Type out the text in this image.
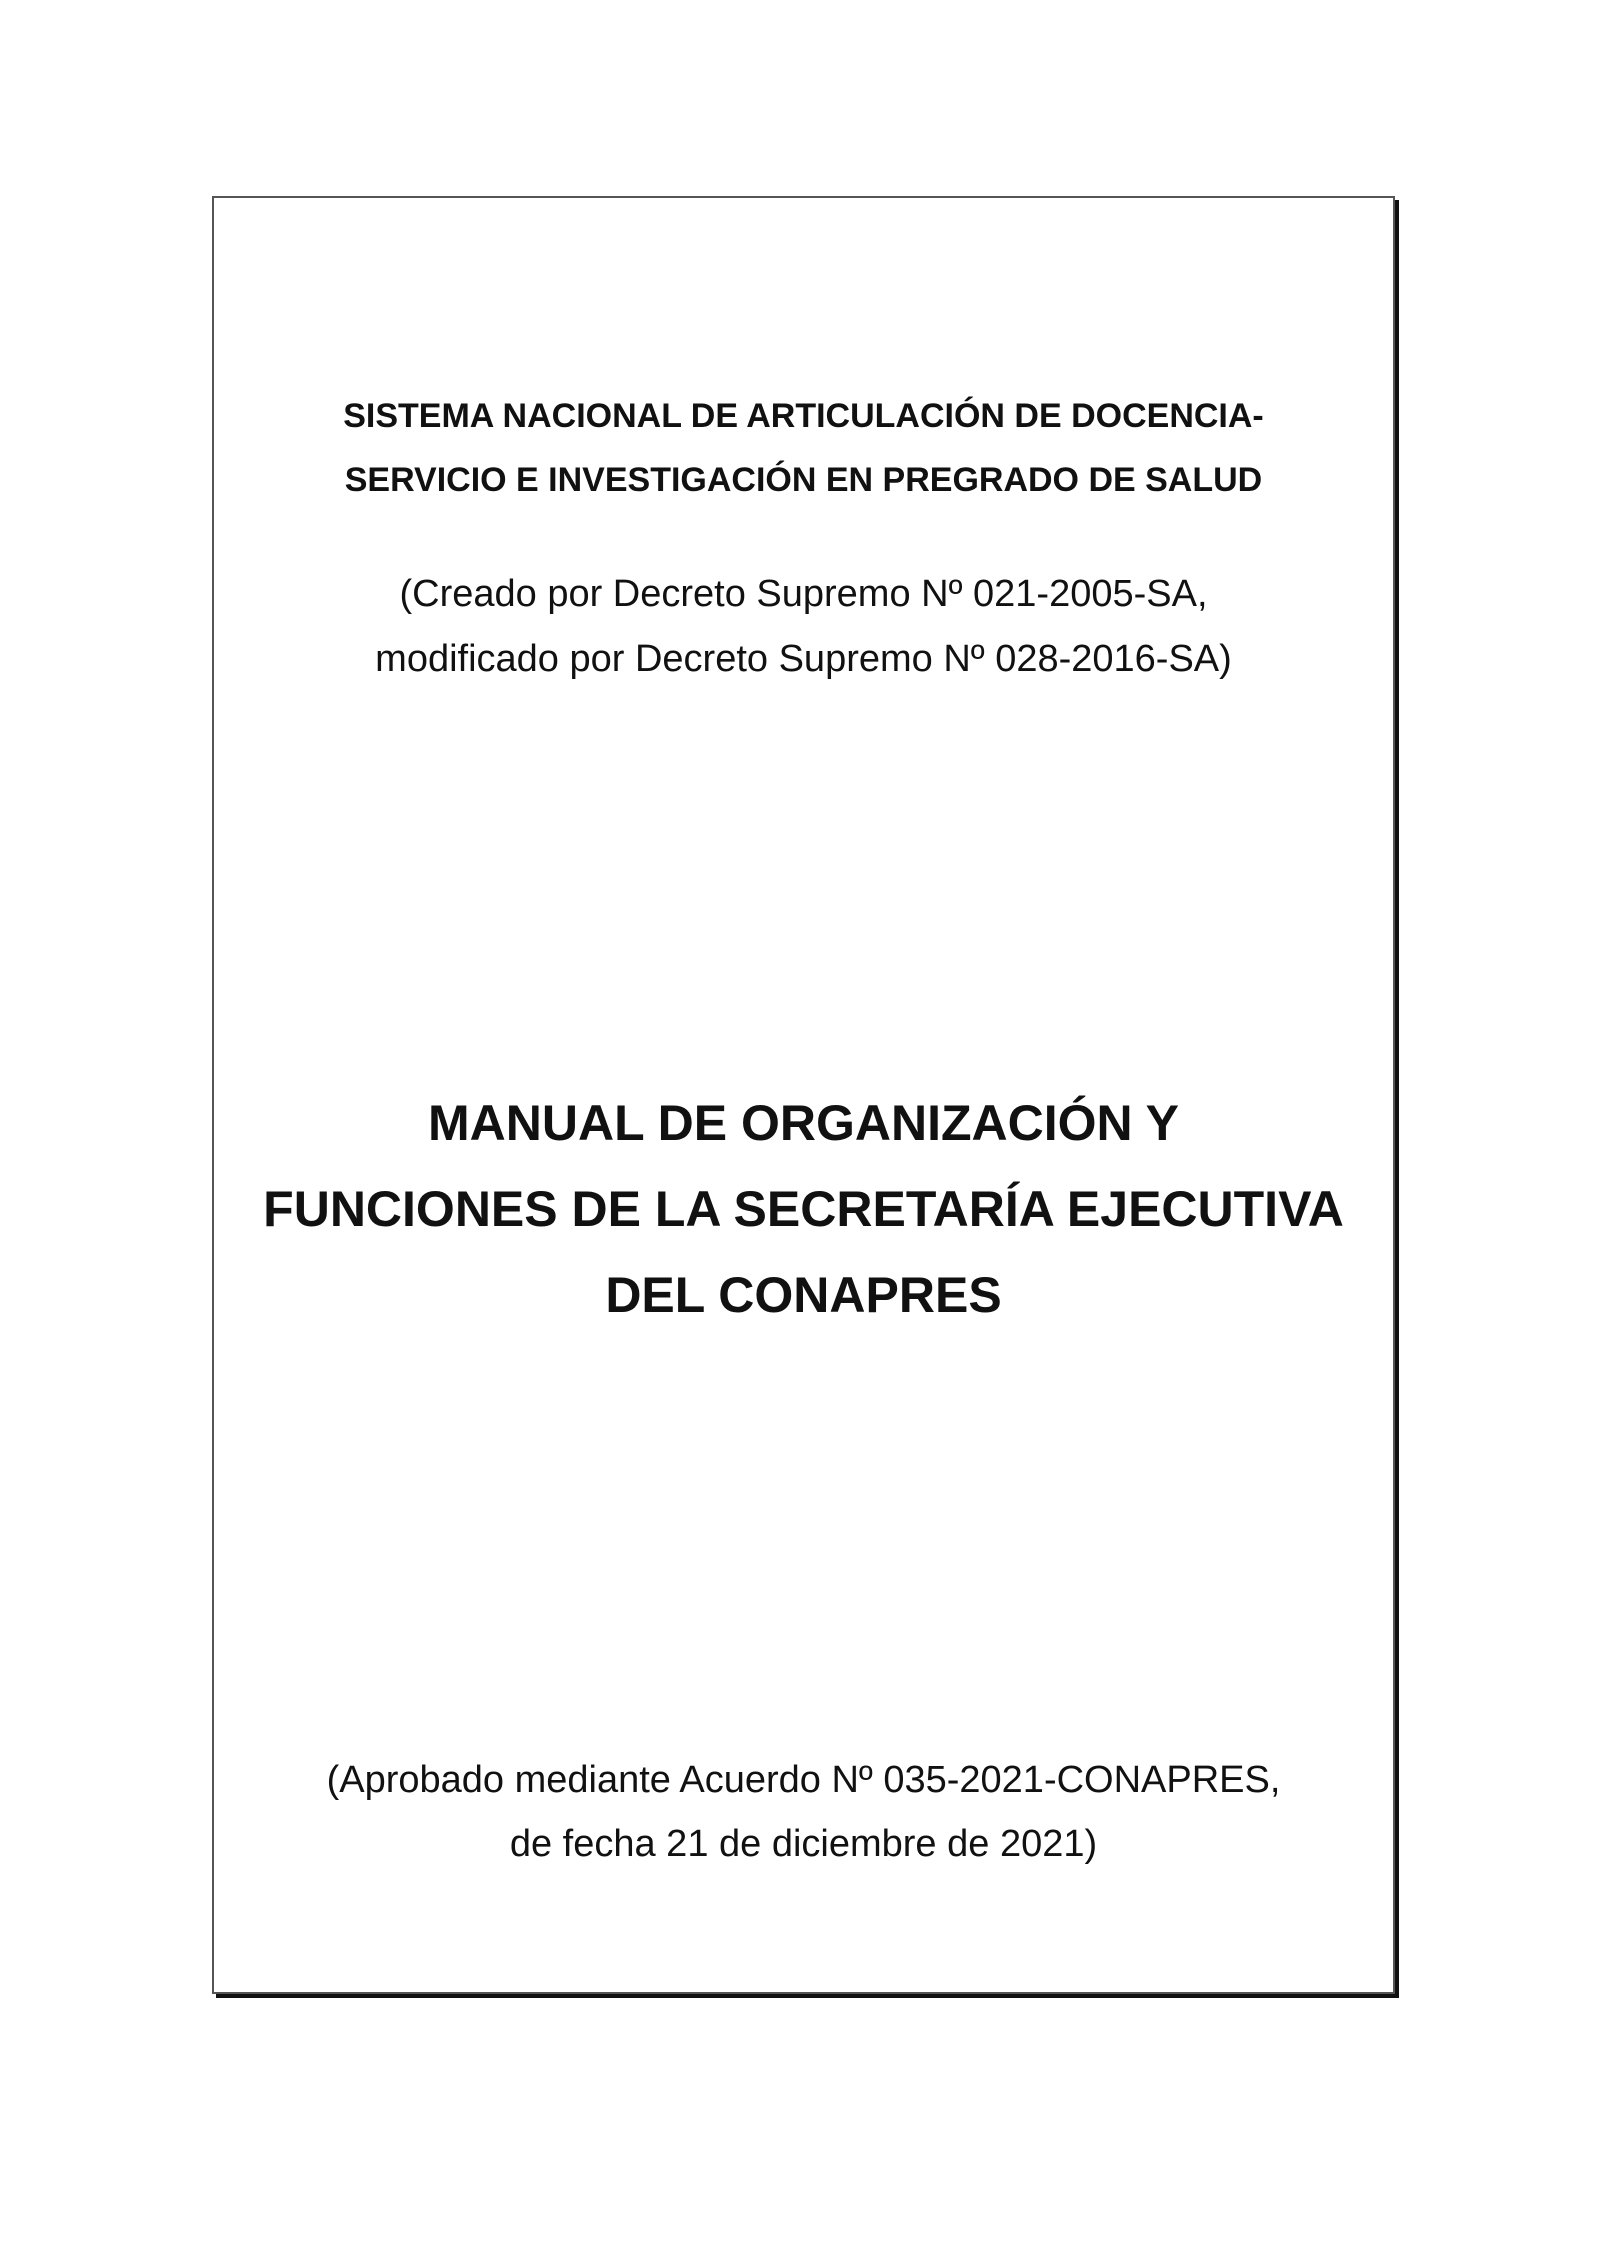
SISTEMA NACIONAL DE ARTICULACIÓN DE DOCENCIA-
SERVICIO E INVESTIGACIÓN EN PREGRADO DE SALUD

(Creado por Decreto Supremo Nº 021-2005-SA,
modificado por Decreto Supremo Nº 028-2016-SA)

MANUAL DE ORGANIZACIÓN Y
FUNCIONES DE LA SECRETARÍA EJECUTIVA
DEL CONAPRES

(Aprobado mediante Acuerdo Nº 035-2021-CONAPRES,
de fecha 21 de diciembre de 2021)
